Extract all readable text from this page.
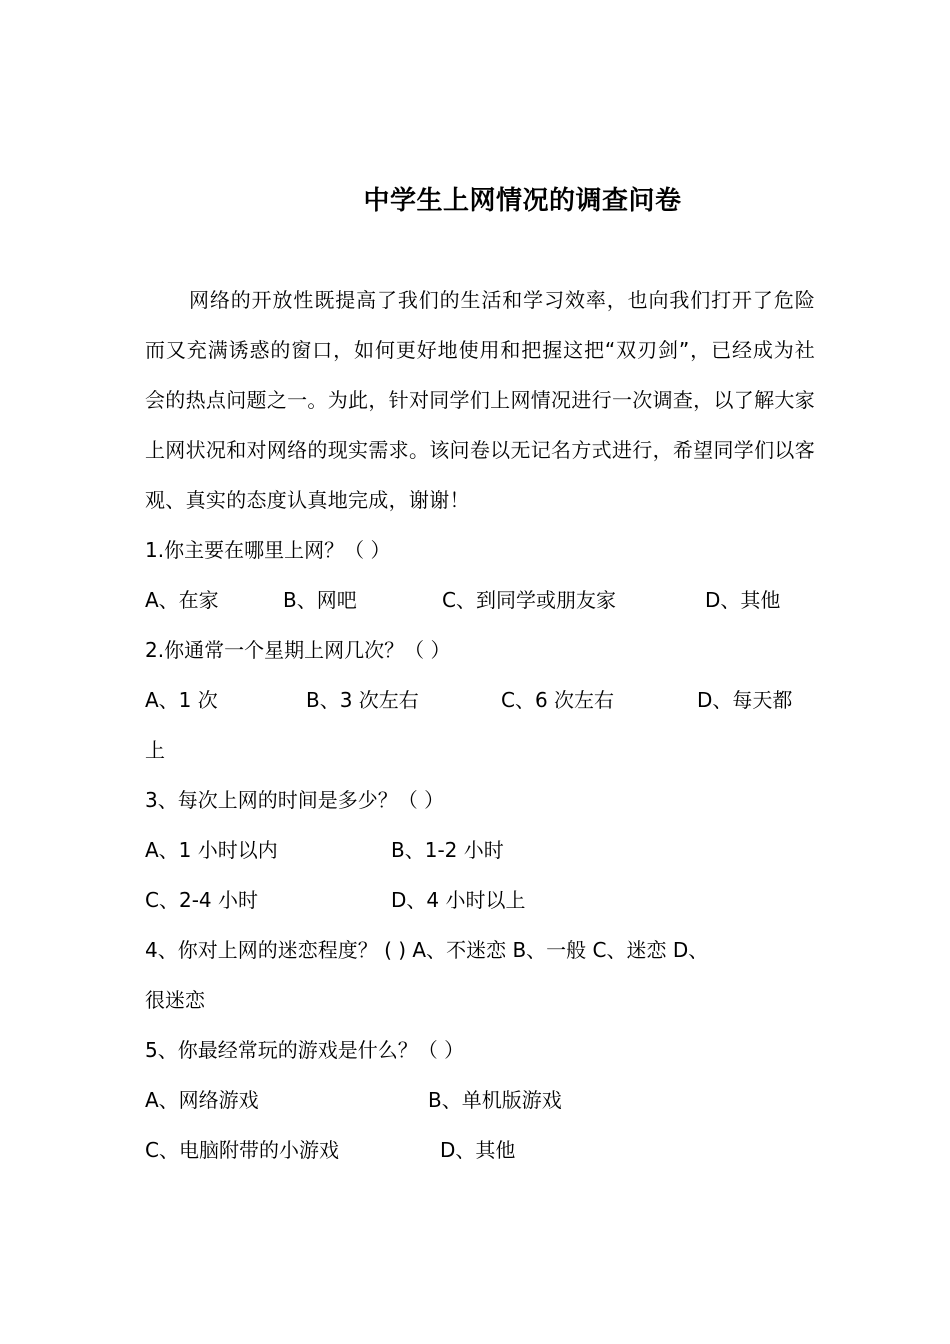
中学生上网情况的调查问卷

网络的开放性既提高了我们的生活和学习效率，也向我们打开了危险而又充满诱惑的窗口，如何更好地使用和把握这把“双刃剑”，已经成为社会的热点问题之一。为此，针对同学们上网情况进行一次调查，以了解大家上网状况和对网络的现实需求。该问卷以无记名方式进行，希望同学们以客观、真实的态度认真地完成，谢谢！

1.你主要在哪里上网？（ ）
A、在家	B、网吧	C、到同学或朋友家	D、其他
2.你通常一个星期上网几次？（ ）
A、1 次	B、3 次左右	C、6 次左右	D、每天都
上
3、每次上网的时间是多少？（ ）
A、1 小时以内	B、1-2 小时
C、2-4 小时	D、4 小时以上
4、你对上网的迷恋程度？ ( ) A、不迷恋 B、一般 C、迷恋 D、
很迷恋
5、你最经常玩的游戏是什么？（ ）
A、网络游戏	B、单机版游戏
C、电脑附带的小游戏	D、其他
